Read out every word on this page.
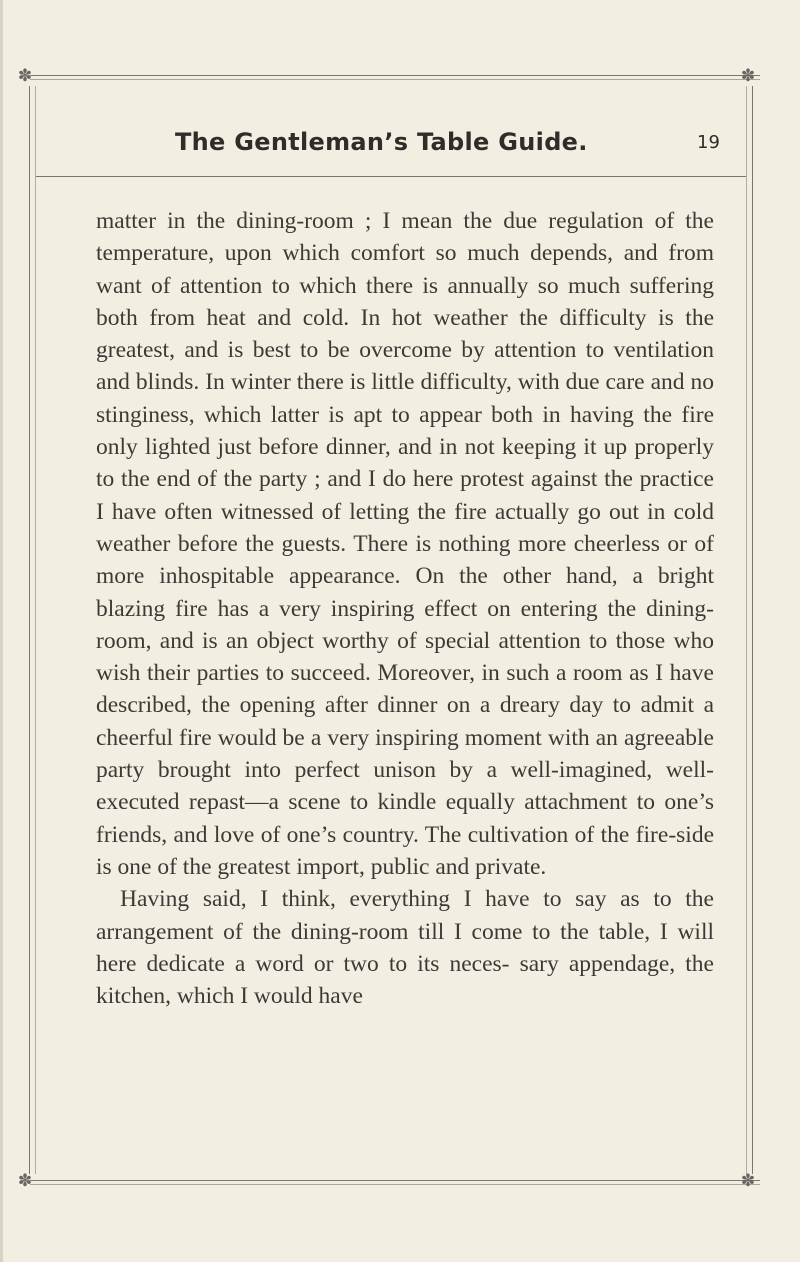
✽	✽
The Gentleman’s Table Guide.	19

matter in the dining-room ; I mean the due regulation of the temperature, upon which comfort so much depends, and from want of attention to which there is annually so much suffering both from heat and cold. In hot weather the difficulty is the greatest, and is best to be overcome by attention to ventilation and blinds. In winter there is little difficulty, with due care and no stinginess, which latter is apt to appear both in having the fire only lighted just before dinner, and in not keeping it up properly to the end of the party ; and I do here protest against the practice I have often witnessed of letting the fire actually go out in cold weather before the guests. There is nothing more cheerless or of more inhospitable appearance. On the other hand, a bright blazing fire has a very inspiring effect on entering the dining-room, and is an object worthy of special attention to those who wish their parties to succeed. Moreover, in such a room as I have described, the opening after dinner on a dreary day to admit a cheerful fire would be a very inspiring moment with an agreeable party brought into perfect unison by a well-imagined, well-executed repast—a scene to kindle equally attachment to one’s friends, and love of one’s country. The cultivation of the fire-side is one of the greatest import, public and private.

Having said, I think, everything I have to say as to the arrangement of the dining-room till I come to the table, I will here dedicate a word or two to its neces- sary appendage, the kitchen, which I would have

✽	✽
